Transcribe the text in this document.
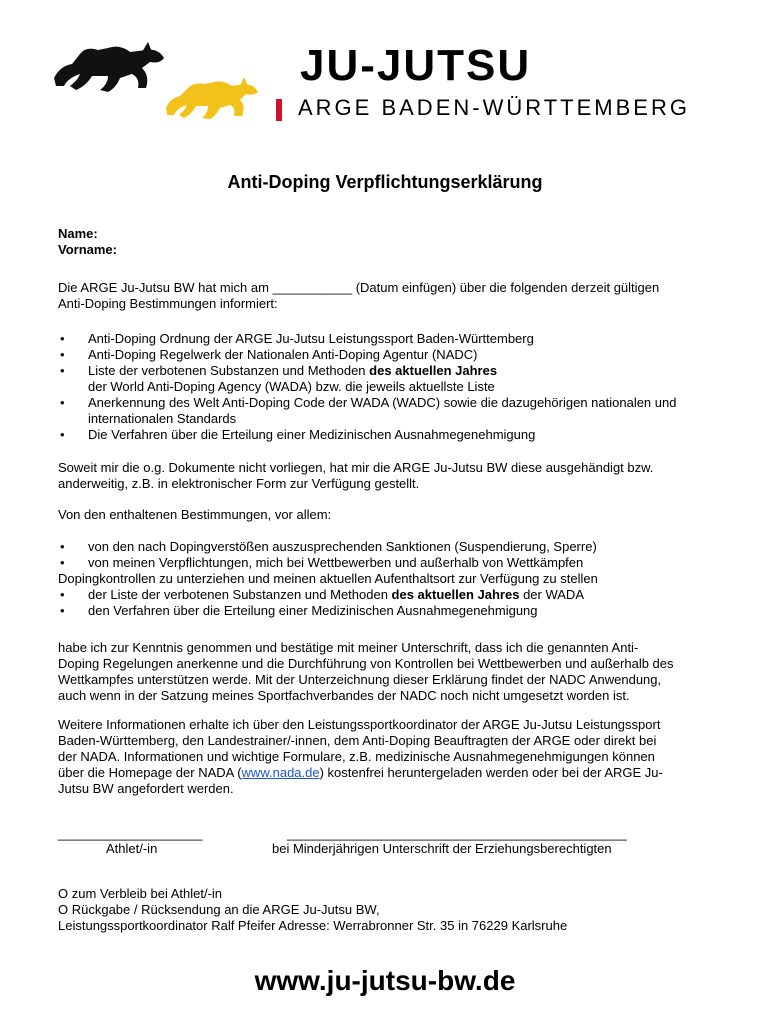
JU-JUTSU
ARGE BADEN-WÜRTTEMBERG
Anti-Doping Verpflichtungserklärung
Name:
Vorname:
Die ARGE Ju-Jutsu BW hat mich am ___________ (Datum einfügen) über die folgenden derzeit gültigen
Anti-Doping Bestimmungen informiert:
• Anti-Doping Ordnung der ARGE Ju-Jutsu Leistungssport Baden-Württemberg
• Anti-Doping Regelwerk der Nationalen Anti-Doping Agentur (NADC)
• Liste der verbotenen Substanzen und Methoden des aktuellen Jahres
der World Anti-Doping Agency (WADA) bzw. die jeweils aktuellste Liste
• Anerkennung des Welt Anti-Doping Code der WADA (WADC) sowie die dazugehörigen nationalen und
internationalen Standards
• Die Verfahren über die Erteilung einer Medizinischen Ausnahmegenehmigung
Soweit mir die o.g. Dokumente nicht vorliegen, hat mir die ARGE Ju-Jutsu BW diese ausgehändigt bzw.
anderweitig, z.B. in elektronischer Form zur Verfügung gestellt.
Von den enthaltenen Bestimmungen, vor allem:
• von den nach Dopingverstößen auszusprechenden Sanktionen (Suspendierung, Sperre)
• von meinen Verpflichtungen, mich bei Wettbewerben und außerhalb von Wettkämpfen
Dopingkontrollen zu unterziehen und meinen aktuellen Aufenthaltsort zur Verfügung zu stellen
• der Liste der verbotenen Substanzen und Methoden des aktuellen Jahres der WADA
• den Verfahren über die Erteilung einer Medizinischen Ausnahmegenehmigung
habe ich zur Kenntnis genommen und bestätige mit meiner Unterschrift, dass ich die genannten Anti-
Doping Regelungen anerkenne und die Durchführung von Kontrollen bei Wettbewerben und außerhalb des
Wettkampfes unterstützen werde. Mit der Unterzeichnung dieser Erklärung findet der NADC Anwendung,
auch wenn in der Satzung meines Sportfachverbandes der NADC noch nicht umgesetzt worden ist.
Weitere Informationen erhalte ich über den Leistungssportkoordinator der ARGE Ju-Jutsu Leistungssport
Baden-Württemberg, den Landestrainer/-innen, dem Anti-Doping Beauftragten der ARGE oder direkt bei
der NADA. Informationen und wichtige Formulare, z.B. medizinische Ausnahmegenehmigungen können
über die Homepage der NADA (www.nada.de) kostenfrei heruntergeladen werden oder bei der ARGE Ju-
Jutsu BW angefordert werden.
____________________
Athlet/-in
_______________________________________________
bei Minderjährigen Unterschrift der Erziehungsberechtigten
O zum Verbleib bei Athlet/-in
O Rückgabe / Rücksendung an die ARGE Ju-Jutsu BW,
Leistungssportkoordinator Ralf Pfeifer Adresse: Werrabronner Str. 35 in 76229 Karlsruhe
www.ju-jutsu-bw.de
